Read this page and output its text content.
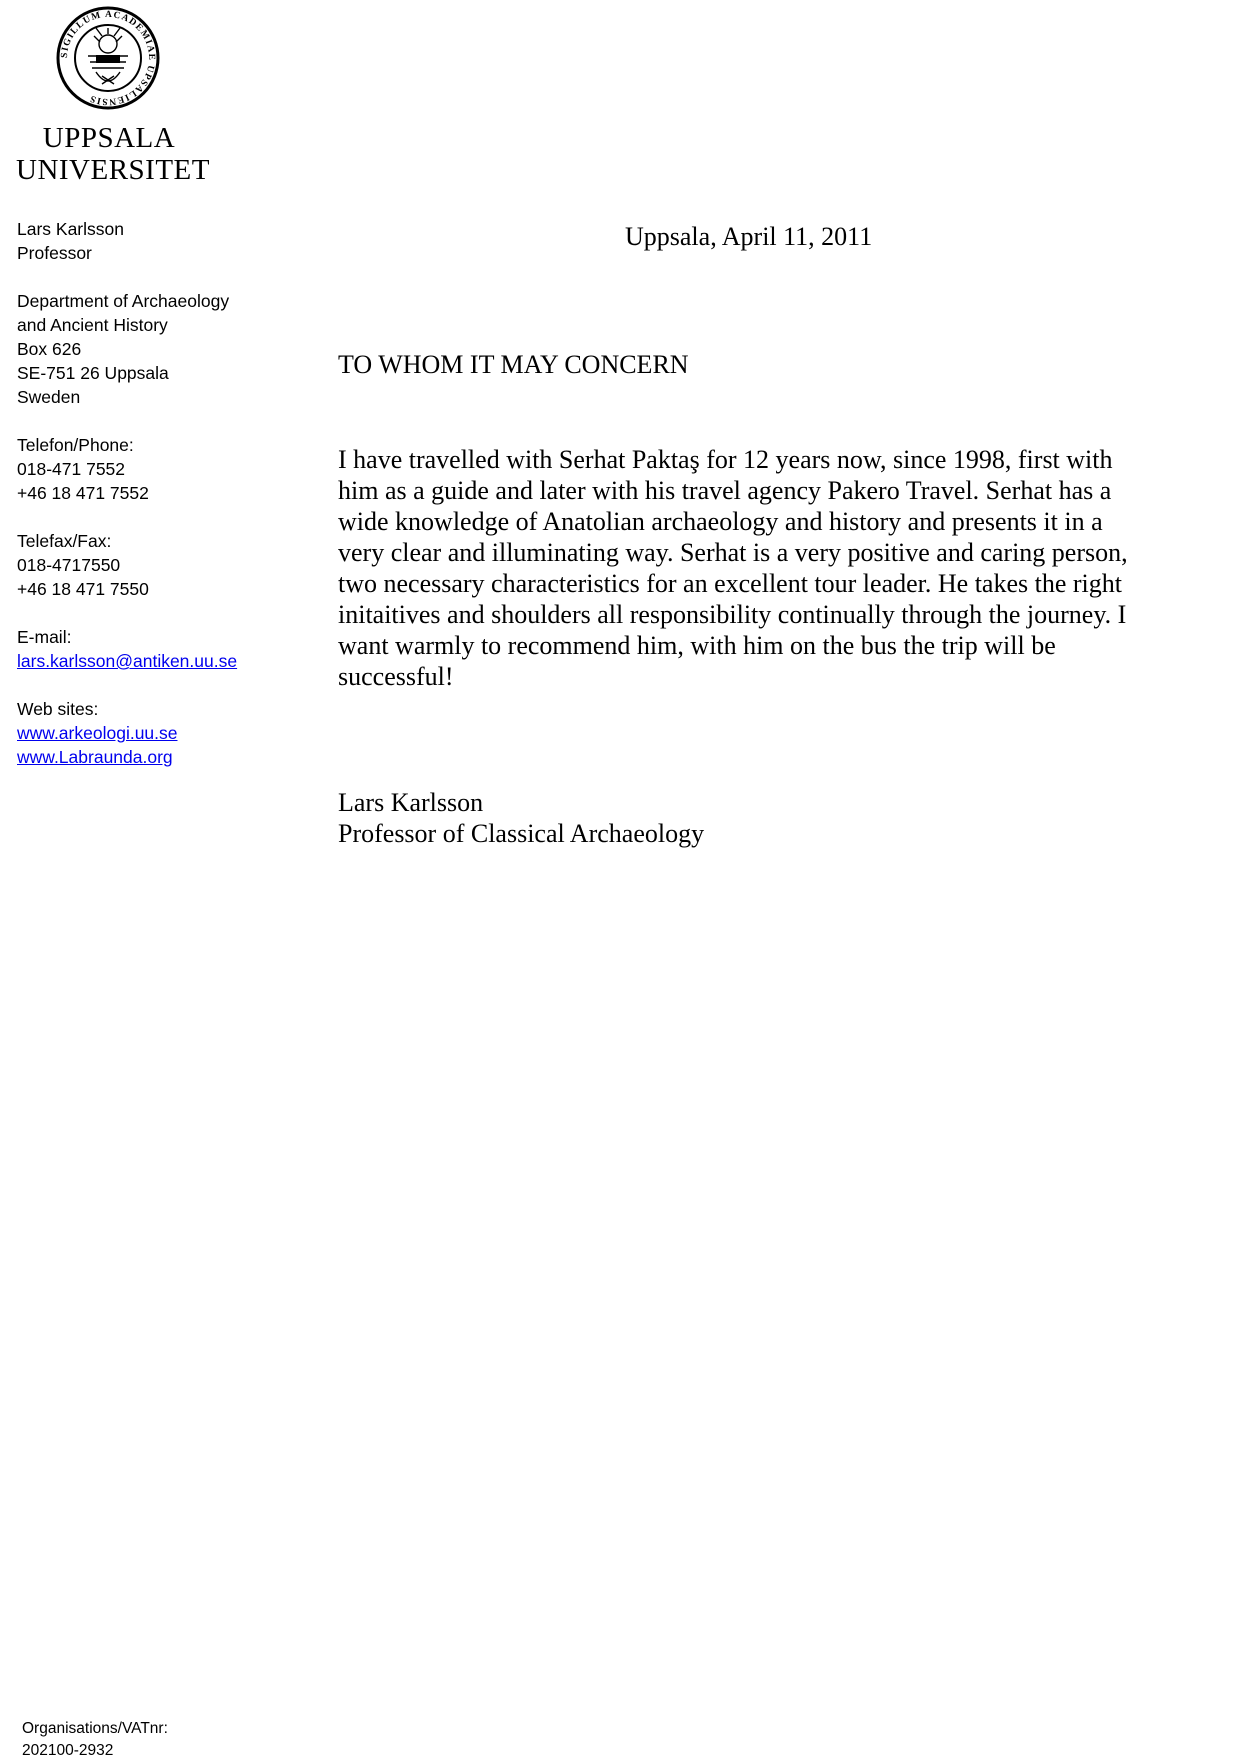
SIGILLUM ACADEMIAE UPSALIENSIS
UPPSALA
UNIVERSITET
Lars Karlsson
Professor
Department of Archaeology
and Ancient History
Box 626
SE-751 26 Uppsala
Sweden
Telefon/Phone:
018-471 7552
+46 18 471 7552
Telefax/Fax:
018-4717550
+46 18 471 7550
E-mail:
lars.karlsson@antiken.uu.se
Web sites:
www.arkeologi.uu.se
www.Labraunda.org
Uppsala, April 11, 2011
TO WHOM IT MAY CONCERN
I have travelled with Serhat Paktaş for 12 years now, since 1998, first with
him as a guide and later with his travel agency Pakero Travel. Serhat has a
wide knowledge of Anatolian archaeology and history and presents it in a
very clear and illuminating way. Serhat is a very positive and caring person,
two necessary characteristics for an excellent tour leader. He takes the right
initaitives and shoulders all responsibility continually through the journey. I
want warmly to recommend him, with him on the bus the trip will be
successful!
Lars Karlsson
Professor of Classical Archaeology
Organisations/VATnr:
202100-2932
